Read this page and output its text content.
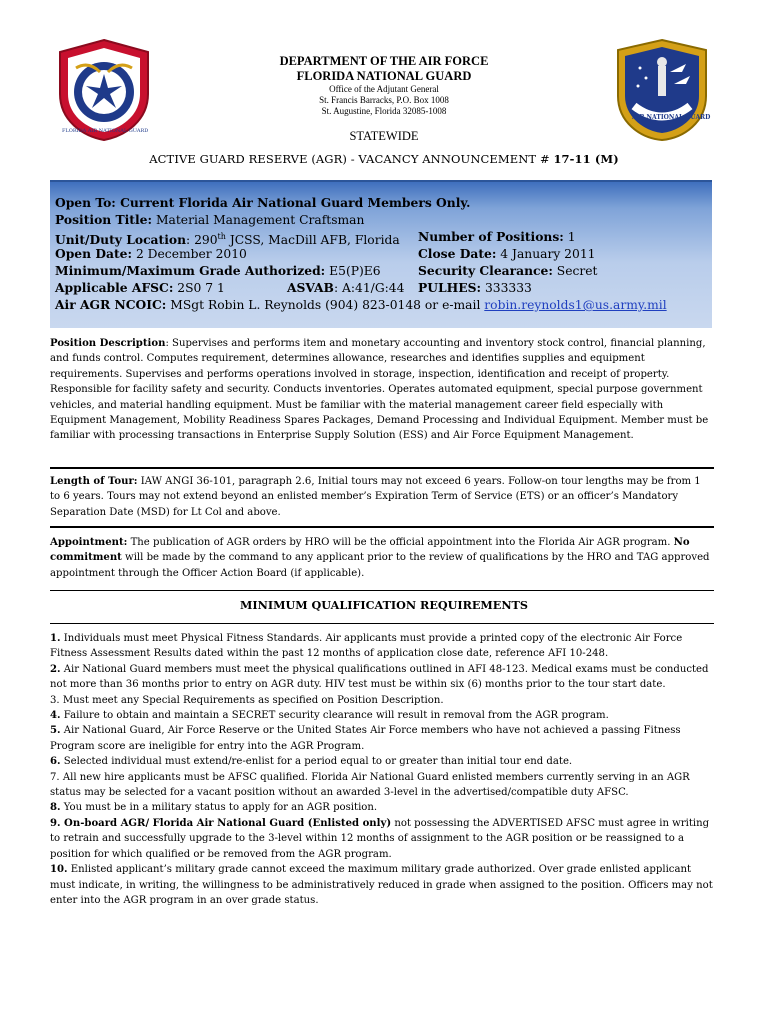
FLORIDA AIR NATIONAL GUARD
DEPARTMENT OF THE AIR FORCE
FLORIDA NATIONAL GUARD
Office of the Adjutant General
St. Francis Barracks, P.O. Box 1008
St. Augustine, Florida 32085-1008
AIR NATIONAL GUARD
STATEWIDE
ACTIVE GUARD RESERVE (AGR) - VACANCY ANNOUNCEMENT # 17-11 (M)
Open To: Current Florida Air National Guard Members Only.
Position Title: Material Management Craftsman
Unit/Duty Location: 290th JCSS, MacDill AFB, Florida Number of Positions: 1
Open Date: 2 December 2010	Close Date: 4 January 2011
Minimum/Maximum Grade Authorized: E5(P)E6	Security Clearance: Secret
Applicable AFSC: 2S0 7 1	ASVAB: A:41/G:44 PULHES: 333333
Air AGR NCOIC: MSgt Robin L. Reynolds (904) 823-0148 or e-mail robin.reynolds1@us.army.mil
Position Description: Supervises and performs item and monetary accounting and inventory stock control, financial planning, and funds control. Computes requirement, determines allowance, researches and identifies supplies and equipment requirements. Supervises and performs operations involved in storage, inspection, identification and receipt of property. Responsible for facility safety and security. Conducts inventories. Operates automated equipment, special purpose government vehicles, and material handling equipment. Must be familiar with the material management career field especially with Equipment Management, Mobility Readiness Spares Packages, Demand Processing and Individual Equipment. Member must be familiar with processing transactions in Enterprise Supply Solution (ESS) and Air Force Equipment Management.
Length of Tour: IAW ANGI 36-101, paragraph 2.6, Initial tours may not exceed 6 years. Follow-on tour lengths may be from 1 to 6 years. Tours may not extend beyond an enlisted member’s Expiration Term of Service (ETS) or an officer’s Mandatory Separation Date (MSD) for Lt Col and above.
Appointment: The publication of AGR orders by HRO will be the official appointment into the Florida Air AGR program. No commitment will be made by the command to any applicant prior to the review of qualifications by the HRO and TAG approved appointment through the Officer Action Board (if applicable).
MINIMUM QUALIFICATION REQUIREMENTS
1. Individuals must meet Physical Fitness Standards. Air applicants must provide a printed copy of the electronic Air Force Fitness Assessment Results dated within the past 12 months of application close date, reference AFI 10-248.
2. Air National Guard members must meet the physical qualifications outlined in AFI 48-123. Medical exams must be conducted not more than 36 months prior to entry on AGR duty. HIV test must be within six (6) months prior to the tour start date.
3. Must meet any Special Requirements as specified on Position Description.
4. Failure to obtain and maintain a SECRET security clearance will result in removal from the AGR program.
5. Air National Guard, Air Force Reserve or the United States Air Force members who have not achieved a passing Fitness Program score are ineligible for entry into the AGR Program.
6. Selected individual must extend/re-enlist for a period equal to or greater than initial tour end date.
7. All new hire applicants must be AFSC qualified. Florida Air National Guard enlisted members currently serving in an AGR status may be selected for a vacant position without an awarded 3-level in the advertised/compatible duty AFSC.
8. You must be in a military status to apply for an AGR position.
9. On-board AGR/ Florida Air National Guard (Enlisted only) not possessing the ADVERTISED AFSC must agree in writing to retrain and successfully upgrade to the 3-level within 12 months of assignment to the AGR position or be reassigned to a position for which qualified or be removed from the AGR program.
10. Enlisted applicant’s military grade cannot exceed the maximum military grade authorized. Over grade enlisted applicant must indicate, in writing, the willingness to be administratively reduced in grade when assigned to the position. Officers may not enter into the AGR program in an over grade status.
